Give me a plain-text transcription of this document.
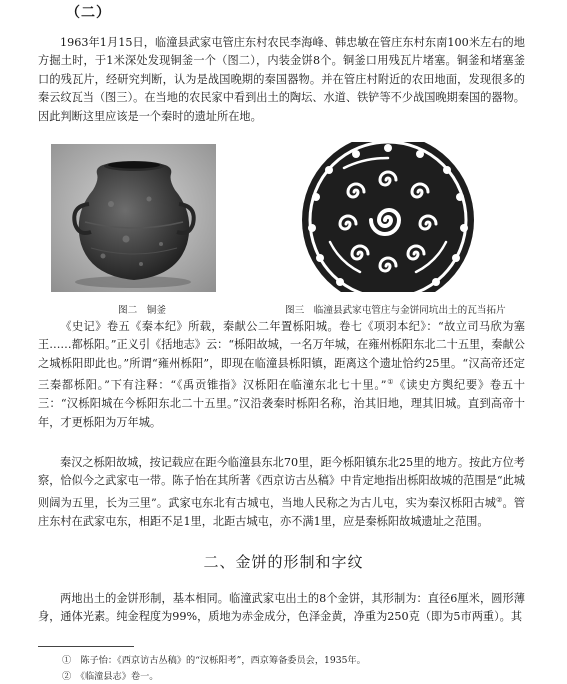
（二）

1963年1月15日，临潼县武家屯管庄东村农民李海峰、韩忠敏在管庄东村东南100米左右的地方掘土时，于1米深处发现铜釜一个（图二），内装金饼8个。铜釜口用残瓦片堵塞。铜釜和堵塞釜口的残瓦片，经研究判断，认为是战国晚期的秦国器物。并在管庄村附近的农田地面，发现很多的秦云纹瓦当（图三）。在当地的农民家中看到出土的陶坛、水道、铁铲等不少战国晚期秦国的器物。因此判断这里应该是一个秦时的遗址所在地。

图二　铜釜	图三　临潼县武家屯管庄与金饼同坑出土的瓦当拓片

《史记》卷五《秦本纪》所载，秦献公二年置栎阳城。卷七《项羽本纪》：“故立司马欣为塞王……都栎阳。”正义引《括地志》云：“栎阳故城，一名万年城，在雍州栎阳东北二十五里，秦献公之城栎阳即此也。”所谓“雍州栎阳”，即现在临潼县栎阳镇，距离这个遗址恰约25里。“汉高帝还定三秦都栎阳。”下有注释：“《禹贡锥指》汉栎阳在临潼东北七十里。”①《读史方舆纪要》卷五十三：“汉栎阳城在今栎阳东北二十五里。”汉沿袭秦时栎阳名称，治其旧地，理其旧城。直到高帝十年，才更栎阳为万年城。

秦汉之栎阳故城，按记载应在距今临潼县东北70里，距今栎阳镇东北25里的地方。按此方位考察，恰似今之武家屯一带。陈子怡在其所著《西京访古丛稿》中肯定地指出栎阳故城的范围是“此城则阔为五里，长为三里”。武家屯东北有古城屯，当地人民称之为古儿屯，实为秦汉栎阳古城②。管庄东村在武家屯东，相距不足1里，北距古城屯，亦不满1里，应是秦栎阳故城遗址之范围。

二、金饼的形制和字纹

两地出土的金饼形制，基本相同。临潼武家屯出土的8个金饼，其形制为：直径6厘米，圆形薄身，通体光素。纯金程度为99%，质地为赤金成分，色泽金黄，净重为250克（即为5市两重）。其

①　 陈子怡：《西京访古丛稿》的“汉栎阳考”，西京筹备委员会，1935年。
②　 《临潼县志》卷一。
